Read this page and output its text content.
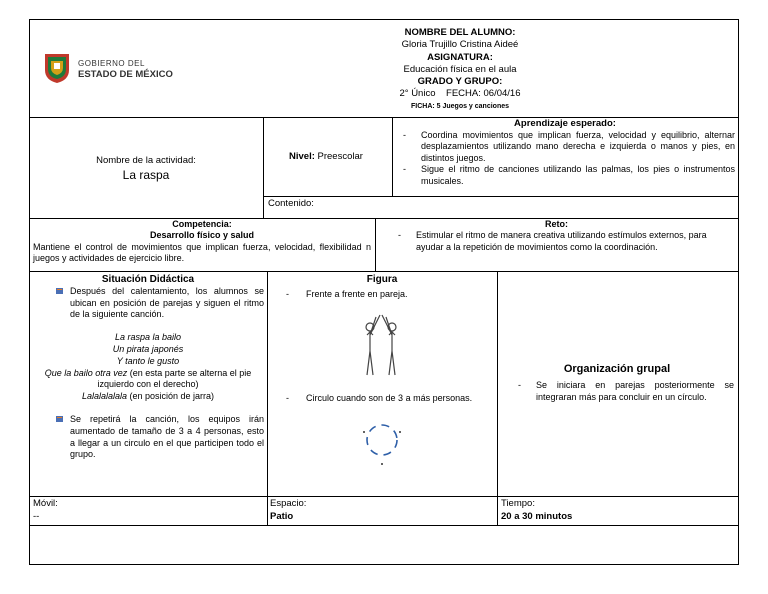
GOBIERNO DEL
ESTADO DE MÉXICO
NOMBRE DEL ALUMNO:
Gloria Trujillo Cristina Aideé
ASIGNATURA:
Educación física en el aula
GRADO Y GRUPO:
2° Único FECHA: 06/04/16
FICHA: 5 Juegos y canciones
Nombre de la actividad:
La raspa
Nivel: Preescolar
Aprendizaje esperado:
- Coordina movimientos que implican fuerza, velocidad y equilibrio, alternar desplazamientos utilizando mano derecha e izquierda o manos y pies, en distintos juegos.
- Sigue el ritmo de canciones utilizando las palmas, los pies o instrumentos musicales.
Contenido:
Competencia:
Desarrollo físico y salud
Mantiene el control de movimientos que implican fuerza, velocidad, flexibilidad n juegos y actividades de ejercicio libre.
Reto:
- Estimular el ritmo de manera creativa utilizando estímulos externos, para ayudar a la repetición de movimientos como la coordinación.
Situación Didáctica
Después del calentamiento, los alumnos se ubican en posición de parejas y siguen el ritmo de la siguiente canción.
La raspa la bailo
Un pirata japonés
Y tanto le gusto
Que la bailo otra vez (en esta parte se alterna el pie izquierdo con el derecho)
Lalalalalala (en posición de jarra)
Se repetirá la canción, los equipos irán aumentado de tamaño de 3 a 4 personas, esto a llegar a un circulo en el que participen todo el grupo.
Figura
- Frente a frente en pareja.
- Circulo cuando son de 3 a más personas.
Organización grupal
- Se iniciara en parejas posteriormente se integraran más para concluir en un círculo.
Móvil:
--
Espacio:
Patio
Tiempo:
20 a 30 minutos
